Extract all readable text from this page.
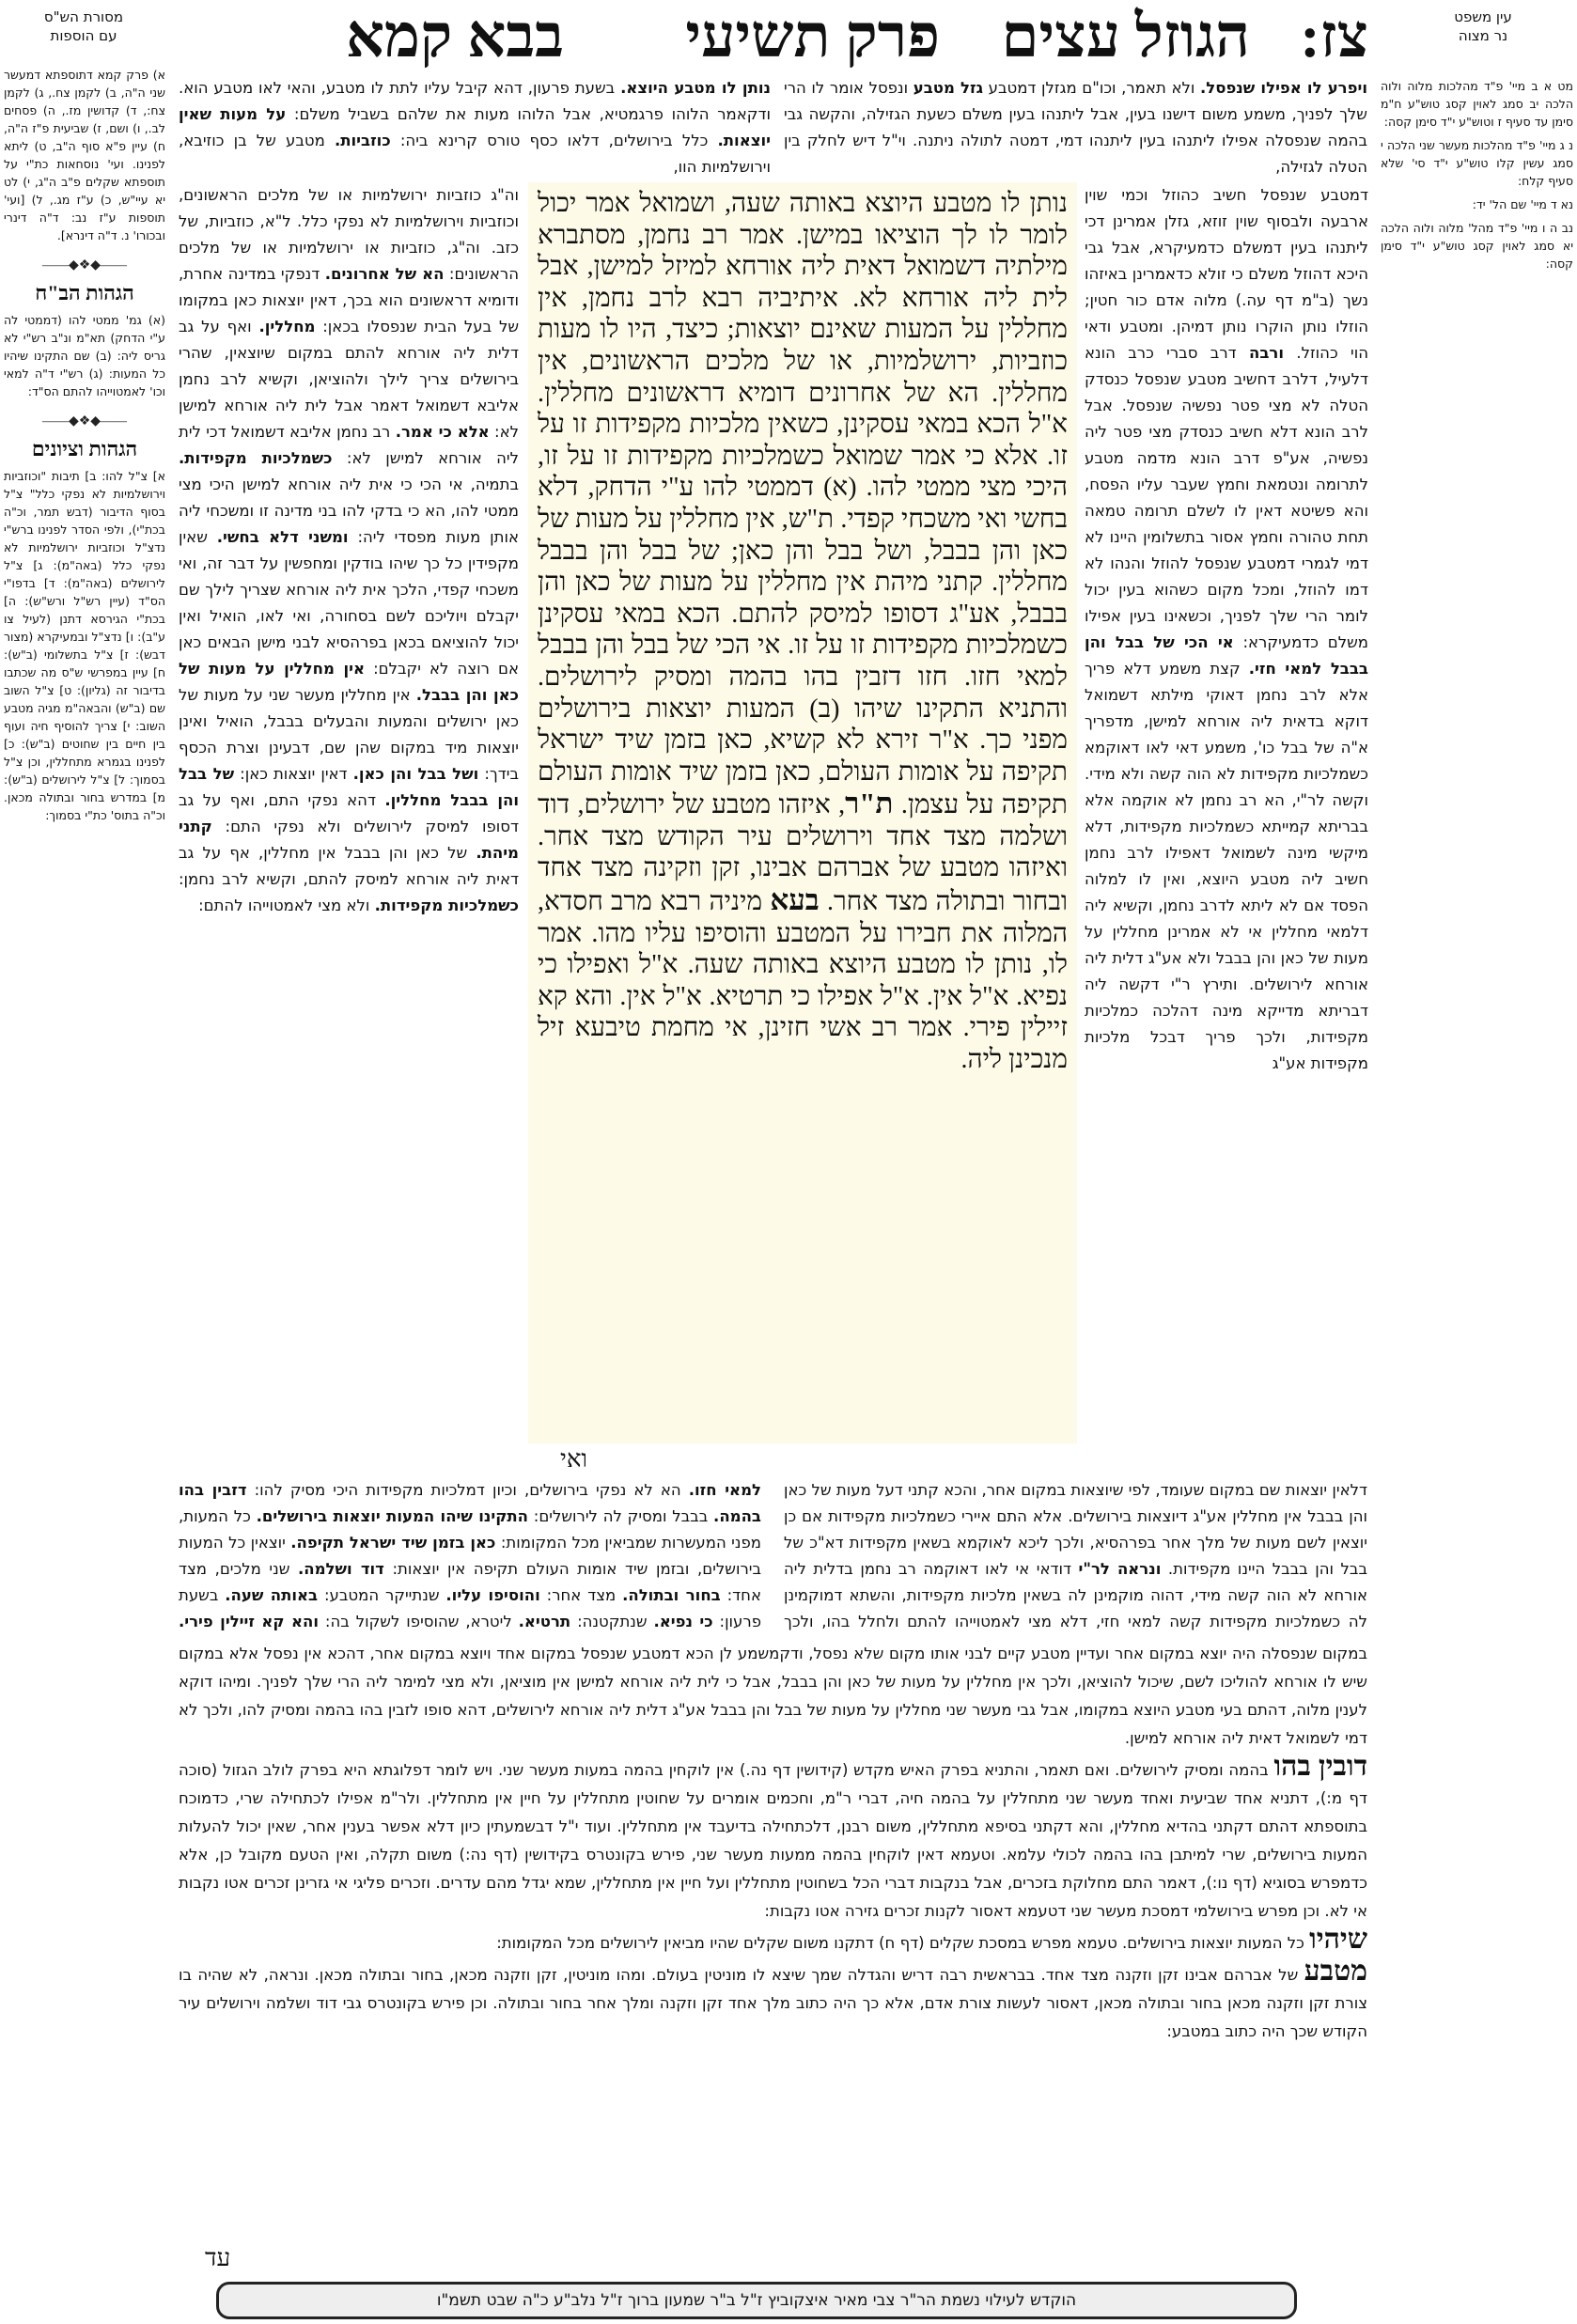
עין משפט
נר מצוה
צז:
הגוזל עצים
פרק תשיעי
בבא קמא
מסורת הש"ס
עם הוספות
מט א ב מיי' פ"ד מהלכות מלוה ולוה הלכה יב סמג לאוין קסג טוש"ע ח"מ סימן עד סעיף ז וטוש"ע י"ד סימן קסה:
נ ג מיי' פ"ד מהלכות מעשר שני הלכה י סמג עשין קלו טוש"ע י"ד סי' שלא סעיף קלח:
נא ד מיי' שם הל' יד:
נב ה ו מיי' פ"ד מהל' מלוה ולוה הלכה יא סמג לאוין קסג טוש"ע י"ד סימן קסה:
א) פרק קמא דתוספתא דמעשר שני ה"ה, ב) לקמן צח., ג) לקמן צח:, ד) קדושין מז., ה) פסחים לב., ו) ושם, ז) שביעית פ"ז ה"ה, ח) עיין פ"א סוף ה"ב, ט) ליתא לפנינו. ועי' נוסחאות כת"י על תוספתא שקלים פ"ב ה"ג, י) לט יא עיי"ש, כ) ע"ז מג., ל) [ועי' תוספות ע"ז נב: ד"ה דינרי ובכורו' נ. ד"ה דינרא].
——◆❖◆——
הגהות הב"ח
(א) גמ' ממטי להו (דממטי לה ע"י הדחק) תא"מ ונ"ב רש"י לא גריס ליה: (ב) שם התקינו שיהיו כל המעות: (ג) רש"י ד"ה למאי וכו' לאמטוייהו להתם הס"ד:
——◆❖◆——
הגהות וציונים
א] צ"ל להו: ב] תיבות "וכוזביות וירושלמיות לא נפקי כלל" צ"ל בסוף הדיבור (דבש תמר, וכ"ה בכת"י), ולפי הסדר לפנינו ברש"י נדצ"ל וכוזביות ירושלמיות לא נפקי כלל (באה"מ): ג] צ"ל לירושלים (באה"מ): ד] בדפו"י הס"ד (עיין רש"ל ורש"ש): ה] בכת"י הגירסא דתנן (לעיל צו ע"ב): ו] נדצ"ל ובמעיקרא (מצור דבש): ז] צ"ל בתשלומי (ב"ש): ח] עיין במפרשי ש"ס מה שכתבו בדיבור זה (גליון): ט] צ"ל השוב שם (ב"ש) והבאה"מ מגיה מטבע השוב: י] צריך להוסיף חיה ועוף בין חיים בין שחוטים (ב"ש): כ] לפנינו בגמרא מתחללין, וכן צ"ל בסמוך: ל] צ"ל לירושלים (ב"ש): מ] במדרש בחור ובתולה מכאן. וכ"ה בתוס' כת"י בסמוך:
נותן לו מטבע היוצא. בשעת פרעון, דהא קיבל עליו לתת לו מטבע, והאי לאו מטבע הוא. ודקאמר הלוהו פרגמטיא, אבל הלוהו מעות את שלהם בשביל משלם: על מעות שאין יוצאות. כלל בירושלים, דלאו כסף טורס קרינא ביה: כוזביות. מטבע של בן כוזיבא, וירושלמיות הוו,
ויפרע לו אפילו שנפסל. ולא תאמר, וכו"ם מגזלן דמטבע גזל מטבע ונפסל אומר לו הרי שלך לפניך, משמע משום דישנו בעין, אבל ליתנהו בעין משלם כשעת הגזילה, והקשה גבי בהמה שנפסלה אפילו ליתנהו בעין ליתנהו דמי, דמטה לתולה ניתנה. וי"ל דיש לחלק בין הטלה לגזילה,
וה"ג כוזביות ירושלמיות או של מלכים הראשונים, וכוזביות וירושלמיות לא נפקי כלל. ל"א, כוזביות, של כזב. וה"ג, כוזביות או ירושלמיות או של מלכים הראשונים: הא של אחרונים. דנפקי במדינה אחרת, ודומיא דראשונים הוא בכך, דאין יוצאות כאן במקומו של בעל הבית שנפסלו בכאן: מחללין. ואף על גב דלית ליה אורחא להתם במקום שיוצאין, שהרי בירושלים צריך לילך ולהוציאן, וקשיא לרב נחמן אליבא דשמואל דאמר אבל לית ליה אורחא למישן לא: אלא כי אמר. רב נחמן אליבא דשמואל דכי לית ליה אורחא למישן לא: כשמלכיות מקפידות. בתמיה, אי הכי כי אית ליה אורחא למישן היכי מצי ממטי להו, הא כי בדקי להו בני מדינה זו ומשכחי ליה אותן מעות מפסדי ליה: ומשני דלא בחשי. שאין מקפידין כל כך שיהו בודקין ומחפשין על דבר זה, ואי משכחי קפדי, הלכך אית ליה אורחא שצריך לילך שם יקבלם ויוליכם לשם בסחורה, ואי לאו, הואיל ואין יכול להוציאם בכאן בפרהסיא לבני מישן הבאים כאן אם רוצה לא יקבלם: אין מחללין על מעות של כאן והן בבבל. אין מחללין מעשר שני על מעות של כאן ירושלים והמעות והבעלים בבבל, הואיל ואינן יוצאות מיד במקום שהן שם, דבעינן וצרת הכסף בידך: ושל בבל והן כאן. דאין יוצאות כאן: של בבל והן בבבל מחללין. דהא נפקי התם, ואף על גב דסופו למיסק לירושלים ולא נפקי התם: קתני מיהת. של כאן והן בבבל אין מחללין, אף על גב דאית ליה אורחא למיסק להתם, וקשיא לרב נחמן: כשמלכיות מקפידות. ולא מצי לאמטוייהו להתם:
נותן לו מטבע היוצא באותה שעה, ושמואל אמר יכול לומר לו לך הוציאו במישן. אמר רב נחמן, מסתברא מילתיה דשמואל דאית ליה אורחא למיזל למישן, אבל לית ליה אורחא לא. איתיביה רבא לרב נחמן, אין מחללין על המעות שאינם יוצאות; כיצד, היו לו מעות כוזביות, ירושלמיות, או של מלכים הראשונים, אין מחללין. הא של אחרונים דומיא דראשונים מחללין. א"ל הכא במאי עסקינן, כשאין מלכיות מקפידות זו על זו. אלא כי אמר שמואל כשמלכיות מקפידות זו על זו, היכי מצי ממטי להו. (א) דממטי להו ע"י הדחק, דלא בחשי ואי משכחי קפדי. ת"ש, אין מחללין על מעות של כאן והן בבבל, ושל בבל והן כאן; של בבל והן בבבל מחללין. קתני מיהת אין מחללין על מעות של כאן והן בבבל, אע"ג דסופו למיסק להתם. הכא במאי עסקינן כשמלכיות מקפידות זו על זו. אי הכי של בבל והן בבבל למאי חזו. חזו דזבין בהו בהמה ומסיק לירושלים. והתניא התקינו שיהו (ב) המעות יוצאות בירושלים מפני כך. א"ר זירא לא קשיא, כאן בזמן שיד ישראל תקיפה על אומות העולם, כאן בזמן שיד אומות העולם תקיפה על עצמן. ת"ר, איזהו מטבע של ירושלים, דוד ושלמה מצד אחד וירושלים עיר הקודש מצד אחר. ואיזהו מטבע של אברהם אבינו, זקן וזקינה מצד אחד ובחור ובתולה מצד אחר. בעא מיניה רבא מרב חסדא, המלוה את חבירו על המטבע והוסיפו עליו מהו. אמר לו, נותן לו מטבע היוצא באותה שעה. א"ל ואפילו כי נפיא. א"ל אין. א"ל אפילו כי תרטיא. א"ל אין. והא קא זיילין פירי. אמר רב אשי חזינן, אי מחמת טיבעא זיל מנכינן ליה.
ואי
דמטבע שנפסל חשיב כהוזל וכמי שוין ארבעה ולבסוף שוין זוזא, גזלן אמרינן דכי ליתנהו בעין דמשלם כדמעיקרא, אבל גבי היכא דהוזל משלם כי זולא כדאמרינן באיזהו נשך (ב"מ דף עה.) מלוה אדם כור חטין; הוזלו נותן הוקרו נותן דמיהן. ומטבע ודאי הוי כהוזל. ורבה דרב סברי כרב הונא דלעיל, דלרב דחשיב מטבע שנפסל כנסדק הטלה לא מצי פטר נפשיה שנפסל. אבל לרב הונא דלא חשיב כנסדק מצי פטר ליה נפשיה, אע"פ דרב הונא מדמה מטבע לתרומה ונטמאת וחמץ שעבר עליו הפסח, והא פשיטא דאין לו לשלם תרומה טמאה תחת טהורה וחמץ אסור בתשלומין היינו לא דמי לגמרי דמטבע שנפסל להוזל והנהו לא דמו להוזל, ומכל מקום כשהוא בעין יכול לומר הרי שלך לפניך, וכשאינו בעין אפילו משלם כדמעיקרא: אי הכי של בבל והן בבבל למאי חזי. קצת משמע דלא פריך אלא לרב נחמן דאוקי מילתא דשמואל דוקא בדאית ליה אורחא למישן, מדפריך א"ה של בבל כו', משמע דאי לאו דאוקמא כשמלכיות מקפידות לא הוה קשה ולא מידי. וקשה לר"י, הא רב נחמן לא אוקמה אלא בבריתא קמייתא כשמלכיות מקפידות, דלא מיקשי מינה לשמואל דאפילו לרב נחמן חשיב ליה מטבע היוצא, ואין לו למלוה הפסד אם לא ליתא לדרב נחמן, וקשיא ליה דלמאי מחללין אי לא אמרינן מחללין על מעות של כאן והן בבבל ולא אע"ג דלית ליה אורחא לירושלים. ותירץ ר"י דקשה ליה דבריתא מדייקא מינה דהלכה כמלכיות מקפידות, ולכך פריך דבכל מלכיות מקפידות אע"ג
למאי חזו. הא לא נפקי בירושלים, וכיון דמלכיות מקפידות היכי מסיק להו: דזבין בהו בהמה. בבבל ומסיק לה לירושלים: התקינו שיהו המעות יוצאות בירושלים. כל המעות, מפני המעשרות שמביאין מכל המקומות: כאן בזמן שיד ישראל תקיפה. יוצאין כל המעות בירושלים, ובזמן שיד אומות העולם תקיפה אין יוצאות: דוד ושלמה. שני מלכים, מצד אחד: בחור ובתולה. מצד אחר: והוסיפו עליו. שנתייקר המטבע: באותה שעה. בשעת פרעון: כי נפיא. שנתקטנה: תרטיא. ליטרא, שהוסיפו לשקול בה: והא קא זיילין פירי.
דלאין יוצאות שם במקום שעומד, לפי שיוצאות במקום אחר, והכא קתני דעל מעות של כאן והן בבבל אין מחללין אע"ג דיוצאות בירושלים. אלא התם איירי כשמלכיות מקפידות אם כן יוצאין לשם מעות של מלך אחר בפרהסיא, ולכך ליכא לאוקמא בשאין מקפידות דא"כ של בבל והן בבבל היינו מקפידות. ונראה לר"י דודאי אי לאו דאוקמה רב נחמן בדלית ליה אורחא לא הוה קשה מידי, דהוה מוקמינן לה בשאין מלכיות מקפידות, והשתא דמוקמינן לה כשמלכיות מקפידות קשה למאי חזי, דלא מצי לאמטוייהו להתם ולחלל בהו, ולכך
במקום שנפסלה היה יוצא במקום אחר ועדיין מטבע קיים לבני אותו מקום שלא נפסל, ודקמשמע לן הכא דמטבע שנפסל במקום אחד ויוצא במקום אחר, דהכא אין נפסל אלא במקום שיש לו אורחא להוליכו לשם, שיכול להוציאן, ולכך אין מחללין על מעות של כאן והן בבבל, אבל כי לית ליה אורחא למישן אין מוציאן, ולא מצי למימר ליה הרי שלך לפניך. ומיהו דוקא לענין מלוה, דהתם בעי מטבע היוצא במקומו, אבל גבי מעשר שני מחללין על מעות של בבל והן בבבל אע"ג דלית ליה אורחא לירושלים, דהא סופו לזבין בהו בהמה ומסיק להו, ולכך לא דמי לשמואל דאית ליה אורחא למישן.
דובין בהו בהמה ומסיק לירושלים. ואם תאמר, והתניא בפרק האיש מקדש (קידושין דף נה.) אין לוקחין בהמה במעות מעשר שני. ויש לומר דפלוגתא היא בפרק לולב הגזול (סוכה דף מ:), דתניא אחד שביעית ואחד מעשר שני מתחללין על בהמה חיה, דברי ר"מ, וחכמים אומרים על שחוטין מתחללין על חיין אין מתחללין. ולר"מ אפילו לכתחילה שרי, כדמוכח בתוספתא דהתם דקתני בהדיא מחללין, והא דקתני בסיפא מתחללין, משום רבנן, דלכתחילה בדיעבד אין מתחללין. ועוד י"ל דבשמעתין כיון דלא אפשר בענין אחר, שאין יכול להעלות המעות בירושלים, שרי למיתבן בהו בהמה לכולי עלמא. וטעמא דאין לוקחין בהמה ממעות מעשר שני, פירש בקונטרס בקידושין (דף נה:) משום תקלה, ואין הטעם מקובל כן, אלא כדמפרש בסוגיא (דף נו:), דאמר התם מחלוקת בזכרים, אבל בנקבות דברי הכל בשחוטין מתחללין ועל חיין אין מתחללין, שמא יגדל מהם עדרים. וזכרים פליגי אי גזרינן זכרים אטו נקבות אי לא. וכן מפרש בירושלמי דמסכת מעשר שני דטעמא דאסור לקנות זכרים גזירה אטו נקבות:
שיהיו כל המעות יוצאות בירושלים. טעמא מפרש במסכת שקלים (דף ח) דתקנו משום שקלים שהיו מביאין לירושלים מכל המקומות:
מטבע של אברהם אבינו זקן וזקנה מצד אחד. בבראשית רבה דריש והגדלה שמך שיצא לו מוניטין בעולם. ומהו מוניטין, זקן וזקנה מכאן, בחור ובתולה מכאן. ונראה, לא שהיה בו צורת זקן וזקנה מכאן בחור ובתולה מכאן, דאסור לעשות צורת אדם, אלא כך היה כתוב מלך אחד זקן וזקנה ומלך אחר בחור ובתולה. וכן פירש בקונטרס גבי דוד ושלמה וירושלים עיר הקודש שכך היה כתוב במטבע:
עד
הוקדש לעילוי נשמת הר"ר צבי מאיר איצקוביץ ז"ל ב"ר שמעון ברוך ז"ל נלב"ע כ"ה שבט תשמ"ו
